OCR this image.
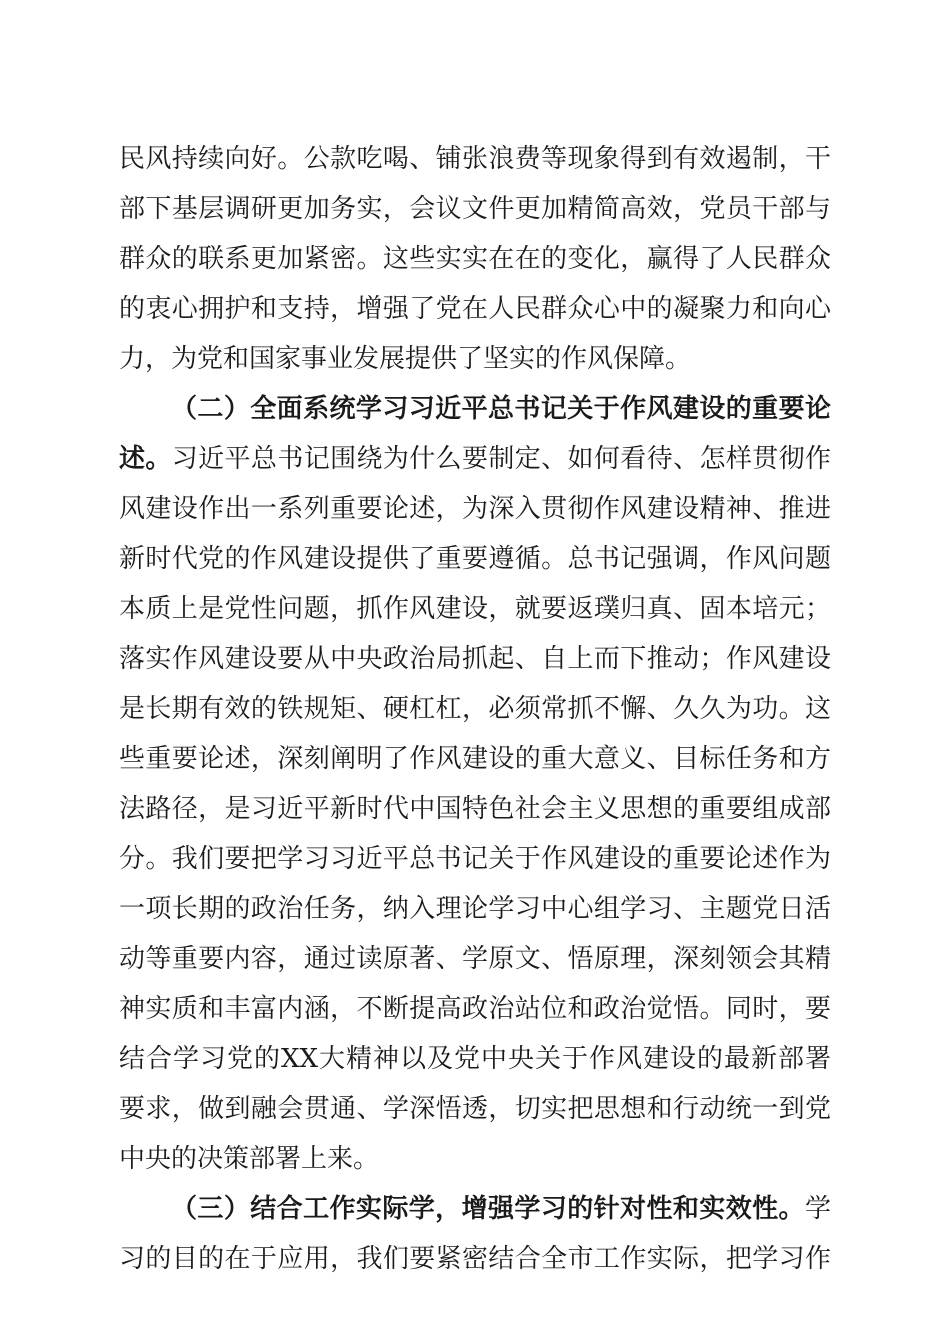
民风持续向好。公款吃喝、铺张浪费等现象得到有效遏制，干
部下基层调研更加务实，会议文件更加精简高效，党员干部与
群众的联系更加紧密。这些实实在在的变化，赢得了人民群众
的衷心拥护和支持，增强了党在人民群众心中的凝聚力和向心
力，为党和国家事业发展提供了坚实的作风保障。
（二）全面系统学习习近平总书记关于作风建设的重要论
述。习近平总书记围绕为什么要制定、如何看待、怎样贯彻作
风建设作出一系列重要论述，为深入贯彻作风建设精神、推进
新时代党的作风建设提供了重要遵循。总书记强调，作风问题
本质上是党性问题，抓作风建设，就要返璞归真、固本培元；
落实作风建设要从中央政治局抓起、自上而下推动；作风建设
是长期有效的铁规矩、硬杠杠，必须常抓不懈、久久为功。这
些重要论述，深刻阐明了作风建设的重大意义、目标任务和方
法路径，是习近平新时代中国特色社会主义思想的重要组成部
分。我们要把学习习近平总书记关于作风建设的重要论述作为
一项长期的政治任务，纳入理论学习中心组学习、主题党日活
动等重要内容，通过读原著、学原文、悟原理，深刻领会其精
神实质和丰富内涵，不断提高政治站位和政治觉悟。同时，要
结合学习党的XX大精神以及党中央关于作风建设的最新部署
要求，做到融会贯通、学深悟透，切实把思想和行动统一到党
中央的决策部署上来。
（三）结合工作实际学，增强学习的针对性和实效性。学
习的目的在于应用，我们要紧密结合全市工作实际，把学习作
